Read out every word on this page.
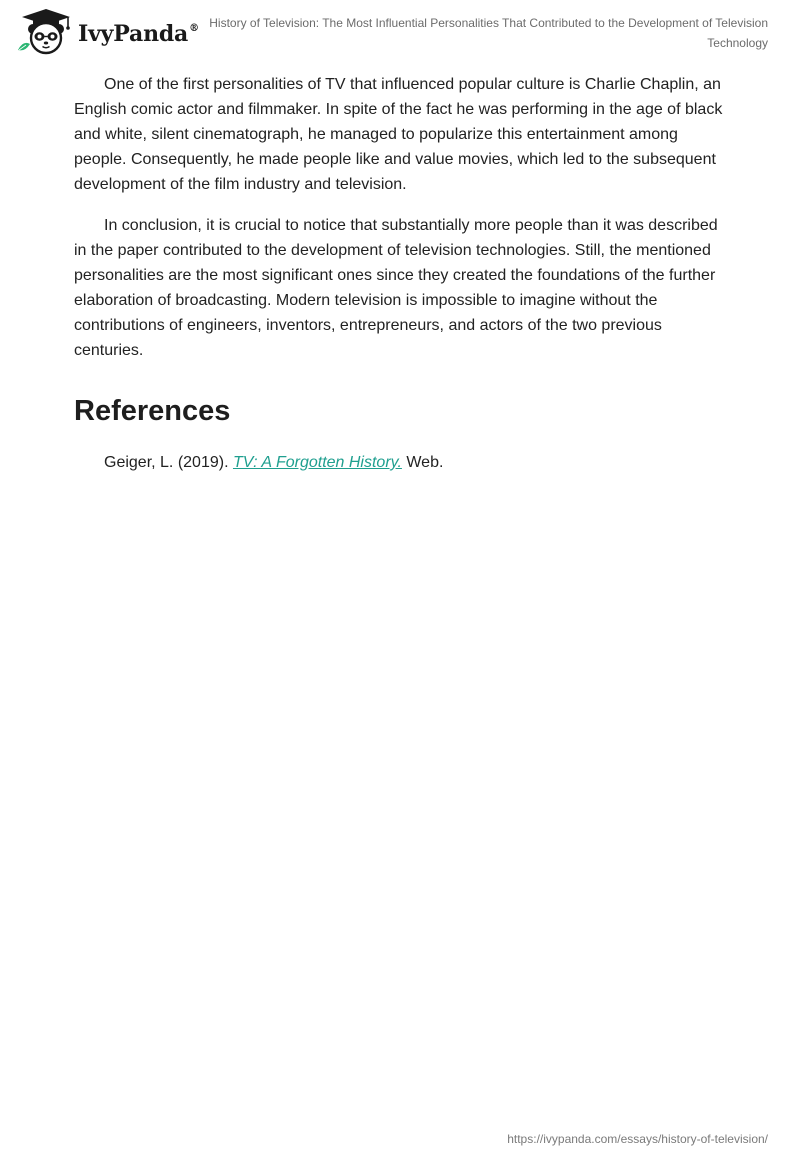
IvyPanda® History of Television: The Most Influential Personalities That Contributed to the Development of Television Technology

One of the first personalities of TV that influenced popular culture is Charlie Chaplin, an English comic actor and filmmaker. In spite of the fact he was performing in the age of black and white, silent cinematograph, he managed to popularize this entertainment among people. Consequently, he made people like and value movies, which led to the subsequent development of the film industry and television.

In conclusion, it is crucial to notice that substantially more people than it was described in the paper contributed to the development of television technologies. Still, the mentioned personalities are the most significant ones since they created the foundations of the further elaboration of broadcasting. Modern television is impossible to imagine without the contributions of engineers, inventors, entrepreneurs, and actors of the two previous centuries.

References
Geiger, L. (2019). TV: A Forgotten History. Web.
https://ivypanda.com/essays/history-of-television/
